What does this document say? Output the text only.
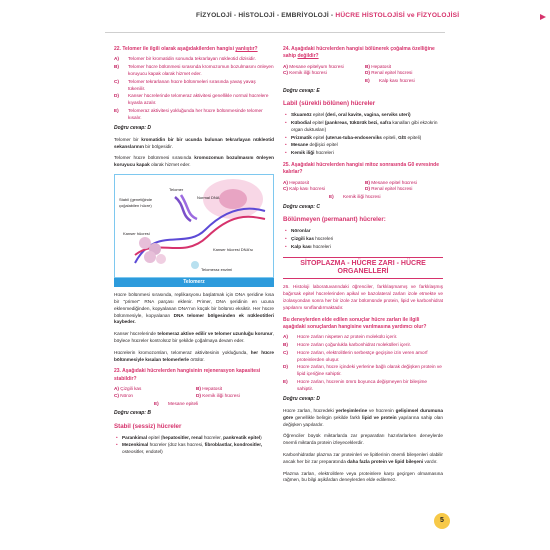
FİZYOLOJİ - HİSTOLOJİ - EMBRİYOLOJİ - HÜCRE HİSTOLOJİSİ ve FİZYOLOJİSİ
22. Telomer ile ilgili olarak aşağıdakilerden hangisi yanlıştır?
A)	Telomer bir kromatidin sonunda tekrarlayan nükleotid dizisidir.
B)	Telomer hücre bölünmesi sırasında kromozomun bozulmasını önleyen koruyucu kapak olarak hizmet eder.
C)	Telomer tekrarlanan hücre bölünmeleri sırasında yavaş yavaş tükenilir.
D)	Kanser hücrelerinde telomeraz aktivitesi genellikle normal hücrelere kıyasla azalır.
E)	Telomeraz aktivitesi yokluğunda her hücre bölünmesinde telomer kısalır.
Doğru cevap: D
Telomer bir kromatidin bir bir ucunda bulunan tekrarlayan nükleotid sekanslarının bir bölgesidir.
Telomer hücre bölünmesi sırasında kromozomun bozulmasını önleyen koruyucu kapak olarak hizmet eder.
Stabil (genetiğinde çoğalabilen hücre)
Telomer
Normal DNA
Kanser hücresi
Kanser hücresi DNA'sı
Telomeraz enzimi
Telomerz
Hücre bölünmesi sırasında, replikasyonu başlatmak için DNA şeridine kısa bir "primer" RNA parçası eklenir. Primer, DNA şeridinin en ucuna eklenmediğinden, kopyalanan DNA'nın küçük bir bölümü eksiktir. Her hücre bölünmesiyle, kopyalanan DNA telomer bölgesinden ek nükleotitleri kaybeder.
Kanser hücrelerinde telomeraz aktive edilir ve telomer uzunluğu korunur, böylece hücreler kontrolsüz bir şekilde çoğalmaya devam eder.
Hücrelerin kromozomları, telomeraz aktivitesinin yokluğunda, her hücre bölünmesiyle kısalan telomerlerle örtülür.
23. Aşağıdaki hücrelerden hangisinin rejenerasyon kapasitesi stabildir?
A) Çizgili kas	B) Hepatosit
C) Nöron	D) Kemik iliği hücresi
E)	Mesane epiteli
Doğru cevap: B
Stabil (sessiz) hücreler
• Parankimal epitel (hepatositler, renal hücreler, pankreatik epitel)
• Mezenkimal hücreler (düz kas hücresi, fibroblastlar, kondrositler, osteositler, endotel)
24. Aşağıdaki hücrelerden hangisi bölünerek çoğalma özelliğine sahip değildir?
A) Mesane epitelyum hücresi	B) Hepatosit
C) Kemik iliği hücresi	D) Renal epitel hücresi
E)	Kalp kası hücresi
Doğru cevap: E
Labil (sürekli bölünen) hücreler
• Skuamöz epitel (deri, oral kavite, vagina, serviks uteri)
• Kübodial epitel (pankreas, tükürük bezi, safra kanalları gibi ekzokrin organ duktusları)
• Prizmatik epitel (uterus-tuba-endoserviks epiteli, GİS epiteli)
• Mesane değişici epitel
• Kemik iliği hücreleri
25. Aşağıdaki hücrelerden hangisi mitoz sonrasında G0 evresinde kalırlar?
A) Hepatosit	B) Mesane epitel hücresi
C) Kalp kası hücresi	D) Renal epitel hücresi
E)	Kemik iliği hücresi
Doğru cevap: C
Bölünmeyen (permanant) hücreler:
• Nöronlar
• Çizgili kas hücreleri
• Kalp kası hücreleri
SİTOPLAZMA - HÜCRE ZARI - HÜCRE
ORGANELLERİ
26. Histoloji laboratuvarındaki öğrenciler, farklılaşmamış ve farklılaşmış bağırsak epitel hücrelerinden apikal ve bazolateral zarları izole etmekte ve izolasyondan sonra her bir izole zar bölümünde protein, lipid ve karbonhidrat yapılarını sınıflandırmaktadır.
Bu deneylerden elde edilen sonuçlar hücre zarları ile ilgili aşağıdaki sonuçlardan hangisine varılmasına yardımcı olur?
A)	Hücre zarları nispeten az protein molekülü içerir.
B)	Hücre zarları çoğunlukla karbonhidrat molekülleri içerir.
C)	Hücre zarları, elektrolitlerin serbestçe geçişine izin veren amorf proteinlerden oluşur.
D)	Hücre zarları, hücre içindeki yerlerine bağlı olarak değişken protein ve lipid içeriğine sahiptir.
E)	Hücre zarları, hücrenin ömrü boyunca değişmeyen bir bileşime sahiptir.
Doğru cevap: D
Hücre zarları, hücredeki yerleşimlerine ve hücrenin gelişimsel durumuna göre genellikle belirgin şekilde farklı lipid ve protein yapılarına sahip olan değişken yapılardır.
Öğrenciler büyük miktarlarda zar preparatları hazırlarlarken deneylerde önemli miktarda protein izleyeceklerdir.
Karbonhidratlar plazma zar proteinleri ve lipitlerinin önemli bileşenleri olabilir ancak her bir zar preparatında daha fazla protein ve lipid bileşeni vardır.
Plazma zarları, elektrolitlere veya proteinlere karşı geçirgen olmamasına rağmen, bu bilgi aşikârdan deneylerden elde edilemez.
5
